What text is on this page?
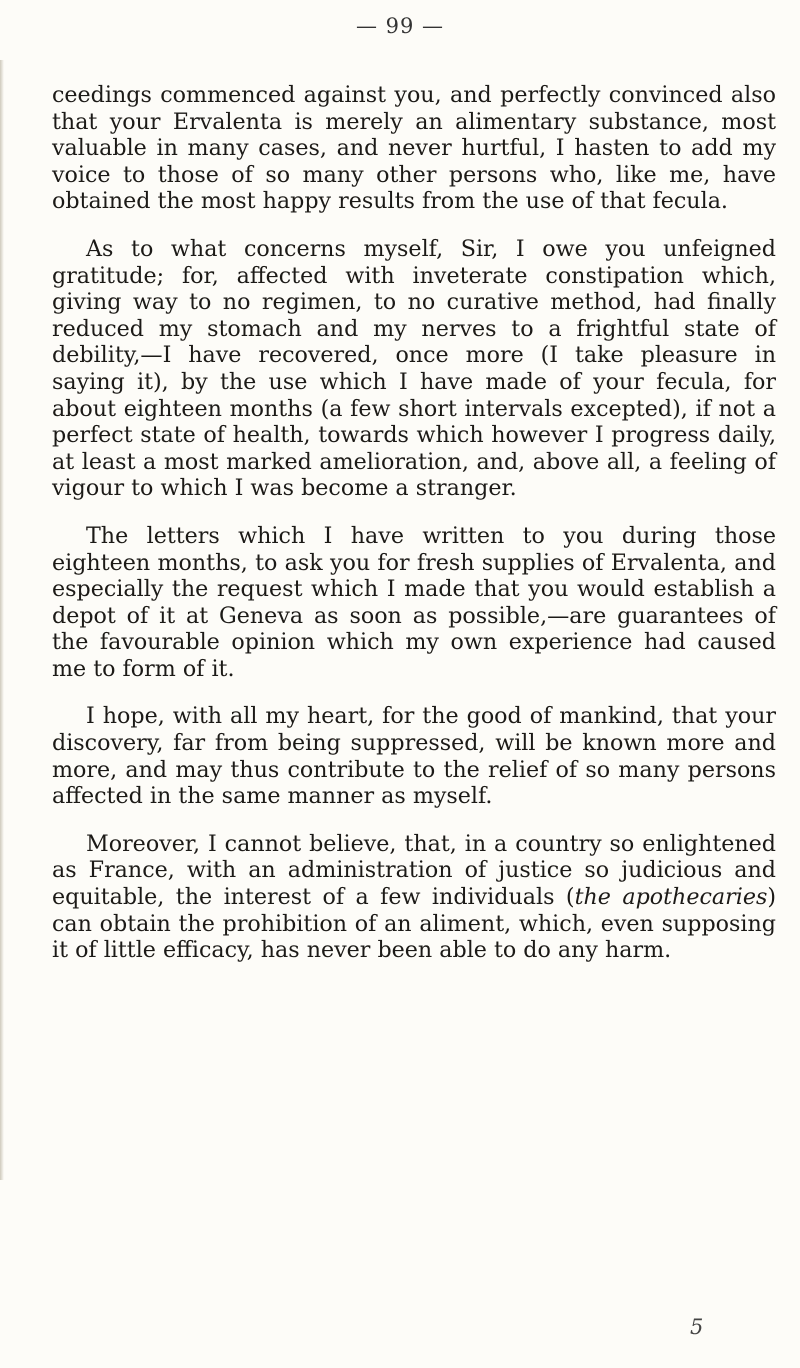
— 99 —

ceedings commenced against you, and perfectly convinced also that your Ervalenta is merely an alimentary substance, most valuable in many cases, and never hurtful, I hasten to add my voice to those of so many other persons who, like me, have obtained the most happy results from the use of that fecula.

As to what concerns myself, Sir, I owe you unfeigned gratitude; for, affected with inveterate constipation which, giving way to no regimen, to no curative method, had finally reduced my stomach and my nerves to a frightful state of debility,—I have recovered, once more (I take pleasure in saying it), by the use which I have made of your fecula, for about eighteen months (a few short intervals excepted), if not a perfect state of health, towards which however I progress daily, at least a most marked amelioration, and, above all, a feeling of vigour to which I was become a stranger.

The letters which I have written to you during those eighteen months, to ask you for fresh supplies of Ervalenta, and especially the request which I made that you would establish a depot of it at Geneva as soon as possible,—are guarantees of the favourable opinion which my own experience had caused me to form of it.

I hope, with all my heart, for the good of mankind, that your discovery, far from being suppressed, will be known more and more, and may thus contribute to the relief of so many persons affected in the same manner as myself.

Moreover, I cannot believe, that, in a country so enlightened as France, with an administration of justice so judicious and equitable, the interest of a few individuals (the apothecaries) can obtain the prohibition of an aliment, which, even supposing it of little efficacy, has never been able to do any harm.

5
